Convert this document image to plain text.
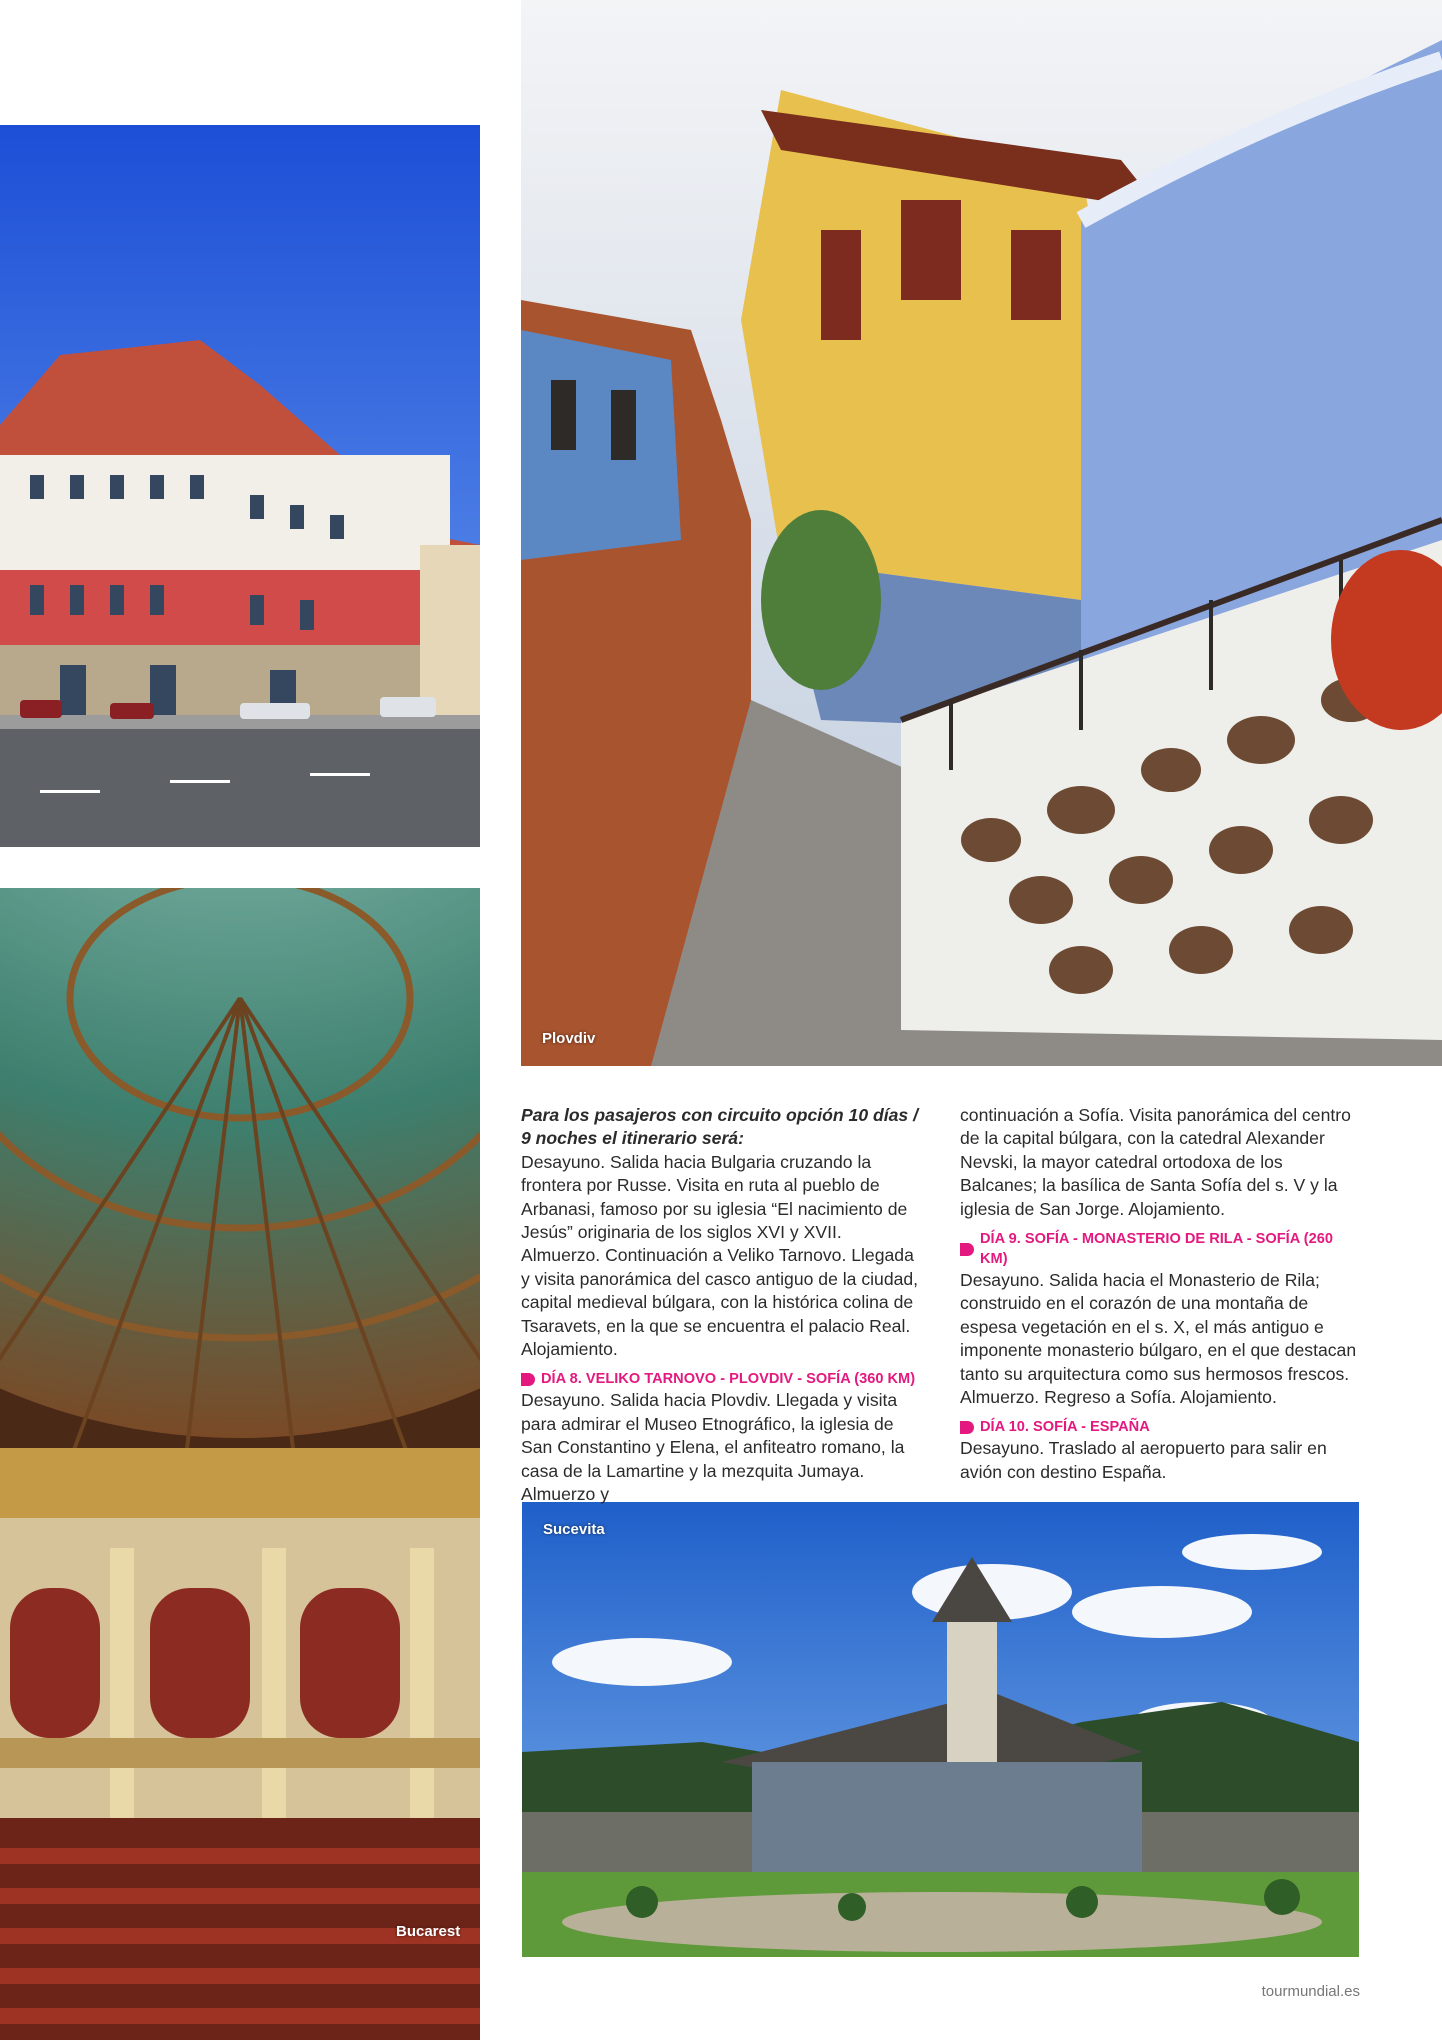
Plovdiv
Sucevita
Bucarest

Para los pasajeros con circuito opción 10 días / 9 noches el itinerario será:

Desayuno. Salida hacia Bulgaria cruzando la frontera por Russe. Visita en ruta al pueblo de Arbanasi, famoso por su iglesia “El nacimiento de Jesús” originaria de los siglos XVI y XVII. Almuerzo. Continuación a Veliko Tarnovo. Llegada y visita panorámica del casco antiguo de la ciudad, capital medieval búlgara, con la histórica colina de Tsaravets, en la que se encuentra el palacio Real. Alojamiento.

DÍA 8. VELIKO TARNOVO - PLOVDIV - SOFÍA (360 KM)

Desayuno. Salida hacia Plovdiv. Llegada y visita para admirar el Museo Etnográfico, la iglesia de San Constantino y Elena, el anfiteatro romano, la casa de la Lamartine y la mezquita Jumaya. Almuerzo y

continuación a Sofía. Visita panorámica del centro de la capital búlgara, con la catedral Alexander Nevski, la mayor catedral ortodoxa de los Balcanes; la basílica de Santa Sofía del s. V y la iglesia de San Jorge. Alojamiento.

DÍA 9. SOFÍA - MONASTERIO DE RILA - SOFÍA (260 KM)

Desayuno. Salida hacia el Monasterio de Rila; construido en el corazón de una montaña de espesa vegetación en el s. X, el más antiguo e imponente monasterio búlgaro, en el que destacan tanto su arquitectura como sus hermosos frescos. Almuerzo. Regreso a Sofía. Alojamiento.

DÍA 10. SOFÍA - ESPAÑA

Desayuno. Traslado al aeropuerto para salir en avión con destino España.

tourmundial.es
